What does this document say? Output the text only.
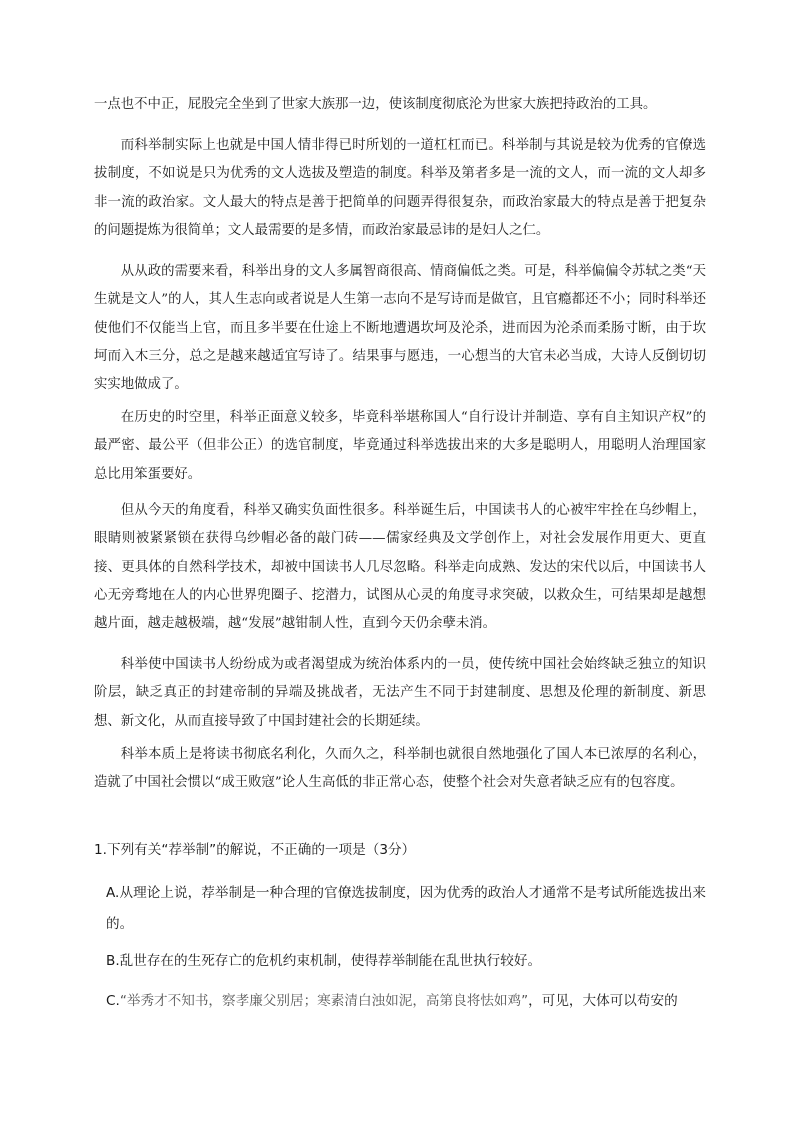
一点也不中正，屁股完全坐到了世家大族那一边，使该制度彻底沦为世家大族把持政治的工具。

而科举制实际上也就是中国人情非得已时所划的一道杠杠而已。科举制与其说是较为优秀的官僚选拔制度，不如说是只为优秀的文人选拔及塑造的制度。科举及第者多是一流的文人，而一流的文人却多非一流的政治家。文人最大的特点是善于把简单的问题弄得很复杂，而政治家最大的特点是善于把复杂的问题提炼为很简单；文人最需要的是多情，而政治家最忌讳的是妇人之仁。

从从政的需要来看，科举出身的文人多属智商很高、情商偏低之类。可是，科举偏偏令苏轼之类“天生就是文人”的人，其人生志向或者说是人生第一志向不是写诗而是做官，且官瘾都还不小；同时科举还使他们不仅能当上官，而且多半要在仕途上不断地遭遇坎坷及沦杀，进而因为沦杀而柔肠寸断，由于坎坷而入木三分，总之是越来越适宜写诗了。结果事与愿违，一心想当的大官未必当成，大诗人反倒切切实实地做成了。

在历史的时空里，科举正面意义较多，毕竟科举堪称国人“自行设计并制造、享有自主知识产权”的最严密、最公平（但非公正）的选官制度，毕竟通过科举选拔出来的大多是聪明人，用聪明人治理国家总比用笨蛋要好。

但从今天的角度看，科举又确实负面性很多。科举诞生后，中国读书人的心被牢牢拴在乌纱帽上，眼睛则被紧紧锁在获得乌纱帽必备的敲门砖——儒家经典及文学创作上，对社会发展作用更大、更直接、更具体的自然科学技术，却被中国读书人几尽忽略。科举走向成熟、发达的宋代以后，中国读书人心无旁骛地在人的内心世界兜圈子、挖潜力，试图从心灵的角度寻求突破，以救众生，可结果却是越想越片面，越走越极端，越“发展”越钳制人性，直到今天仍余孽未消。

科举使中国读书人纷纷成为或者渴望成为统治体系内的一员，使传统中国社会始终缺乏独立的知识阶层，缺乏真正的封建帝制的异端及挑战者，无法产生不同于封建制度、思想及伦理的新制度、新思想、新文化，从而直接导致了中国封建社会的长期延续。

科举本质上是将读书彻底名利化，久而久之，科举制也就很自然地强化了国人本已浓厚的名利心，造就了中国社会惯以“成王败寇”论人生高低的非正常心态，使整个社会对失意者缺乏应有的包容度。

1.下列有关“荐举制”的解说，不正确的一项是（3分）

A.从理论上说，荐举制是一种合理的官僚选拔制度，因为优秀的政治人才通常不是考试所能选拔出来的。
B.乱世存在的生死存亡的危机约束机制，使得荐举制能在乱世执行较好。
C.“举秀才不知书，察孝廉父别居；寒素清白浊如泥，高第良将怯如鸡”，可见，大体可以苟安的
